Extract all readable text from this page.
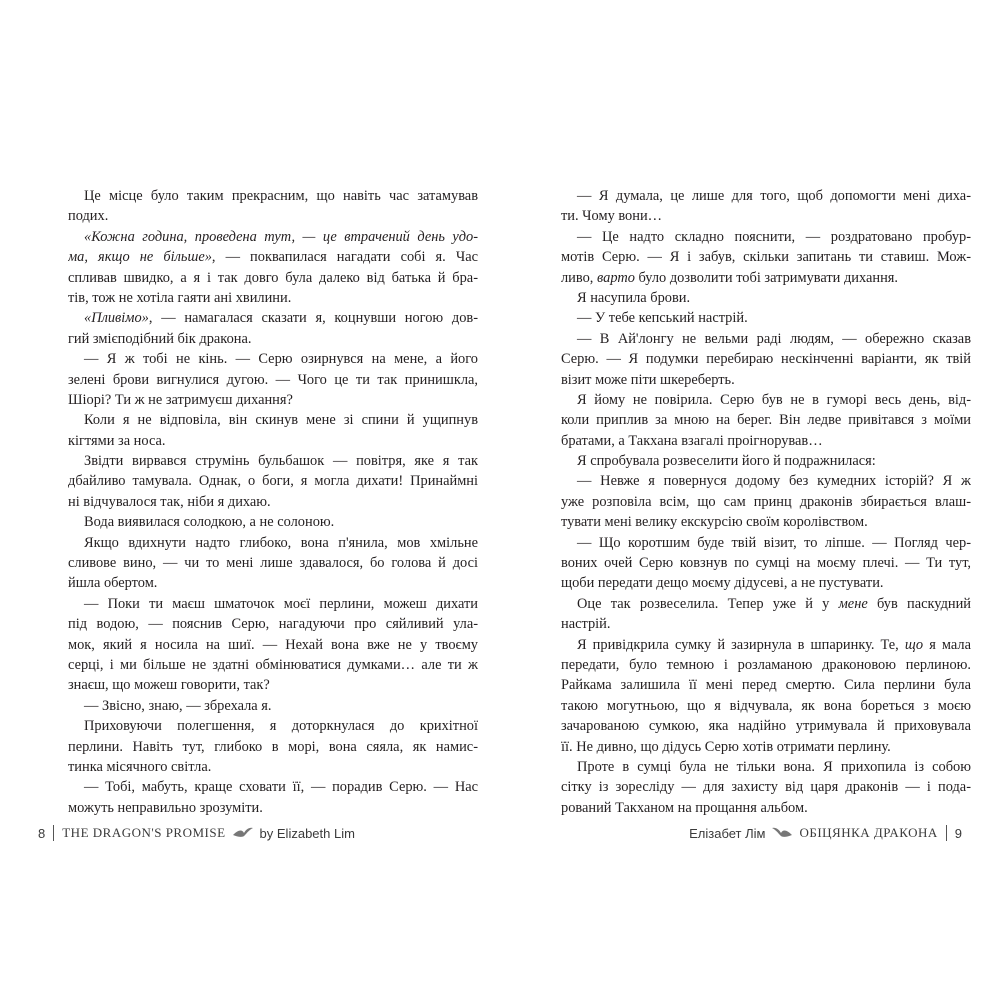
Це місце було таким прекрасним, що навіть час затамував

подих.

«Кожна година, проведена тут, — це втрачений день удо-

ма, якщо не більше», — поквапилася нагадати собі я. Час

спливав швидко, а я і так довго була далеко від батька й бра-

тів, тож не хотіла гаяти ані хвилини.

«Пливімо», — намагалася сказати я, коцнувши ногою дов-

гий змієподібний бік дракона.

— Я ж тобі не кінь. — Серю озирнувся на мене, а його

зелені брови вигнулися дугою. — Чого це ти так принишкла,

Шіорі? Ти ж не затримуєш дихання?

Коли я не відповіла, він скинув мене зі спини й ущипнув

кігтями за носа.

Звідти вирвався струмінь бульбашок — повітря, яке я так

дбайливо тамувала. Однак, о боги, я могла дихати! Принаймні

ні відчувалося так, ніби я дихаю.

Вода виявилася солодкою, а не солоною.

Якщо вдихнути надто глибоко, вона п'янила, мов хмільне

сливове вино, — чи то мені лише здавалося, бо голова й досі

йшла обертом.

— Поки ти маєш шматочок моєї перлини, можеш дихати

під водою, — пояснив Серю, нагадуючи про сяйливий ула-

мок, який я носила на шиї. — Нехай вона вже не у твоєму

серці, і ми більше не здатні обмінюватися думками… але ти ж

знаєш, що можеш говорити, так?

— Звісно, знаю, — збрехала я.

Приховуючи полегшення, я доторкнулася до крихітної

перлини. Навіть тут, глибоко в морі, вона сяяла, як намис-

тинка місячного світла.

— Тобі, мабуть, краще сховати її, — порадив Серю. — Нас

можуть неправильно зрозуміти.

— Я думала, це лише для того, щоб допомогти мені диха-

ти. Чому вони…

— Це надто складно пояснити, — роздратовано пробур-

мотів Серю. — Я і забув, скільки запитань ти ставиш. Мож-

ливо, варто було дозволити тобі затримувати дихання.

Я насупила брови.

— У тебе кепський настрій.

— В Ай'лонгу не вельми раді людям, — обережно сказав

Серю. — Я подумки перебираю нескінченні варіанти, як твій

візит може піти шкереберть.

Я йому не повірила. Серю був не в гуморі весь день, від-

коли приплив за мною на берег. Він ледве привітався з моїми

братами, а Такхана взагалі проігнорував…

Я спробувала розвеселити його й подражнилася:

— Невже я повернуся додому без кумедних історій? Я ж

уже розповіла всім, що сам принц драконів збирається влаш-

тувати мені велику екскурсію своїм королівством.

— Що коротшим буде твій візит, то ліпше. — Погляд чер-

воних очей Серю ковзнув по сумці на моєму плечі. — Ти тут,

щоби передати дещо моєму дідусеві, а не пустувати.

Оце так розвеселила. Тепер уже й у мене був паскудний

настрій.

Я привідкрила сумку й зазирнула в шпаринку. Те, що я мала

передати, було темною і розламаною драконовою перлиною.

Райкама залишила її мені перед смертю. Сила перлини була

такою могутньою, що я відчувала, як вона бореться з моєю

зачарованою сумкою, яка надійно утримувала й приховувала

її. Не дивно, що дідусь Серю хотів отримати перлину.

Проте в сумці була не тільки вона. Я прихопила із собою

сітку із зоресліду — для захисту від царя драконів — і пода-

рований Такханом на прощання альбом.

8 THE DRAGON'S PROMISE	by Elizabeth Lim	Елізабет Лім	ОБІЦЯНКА ДРАКОНА 9
